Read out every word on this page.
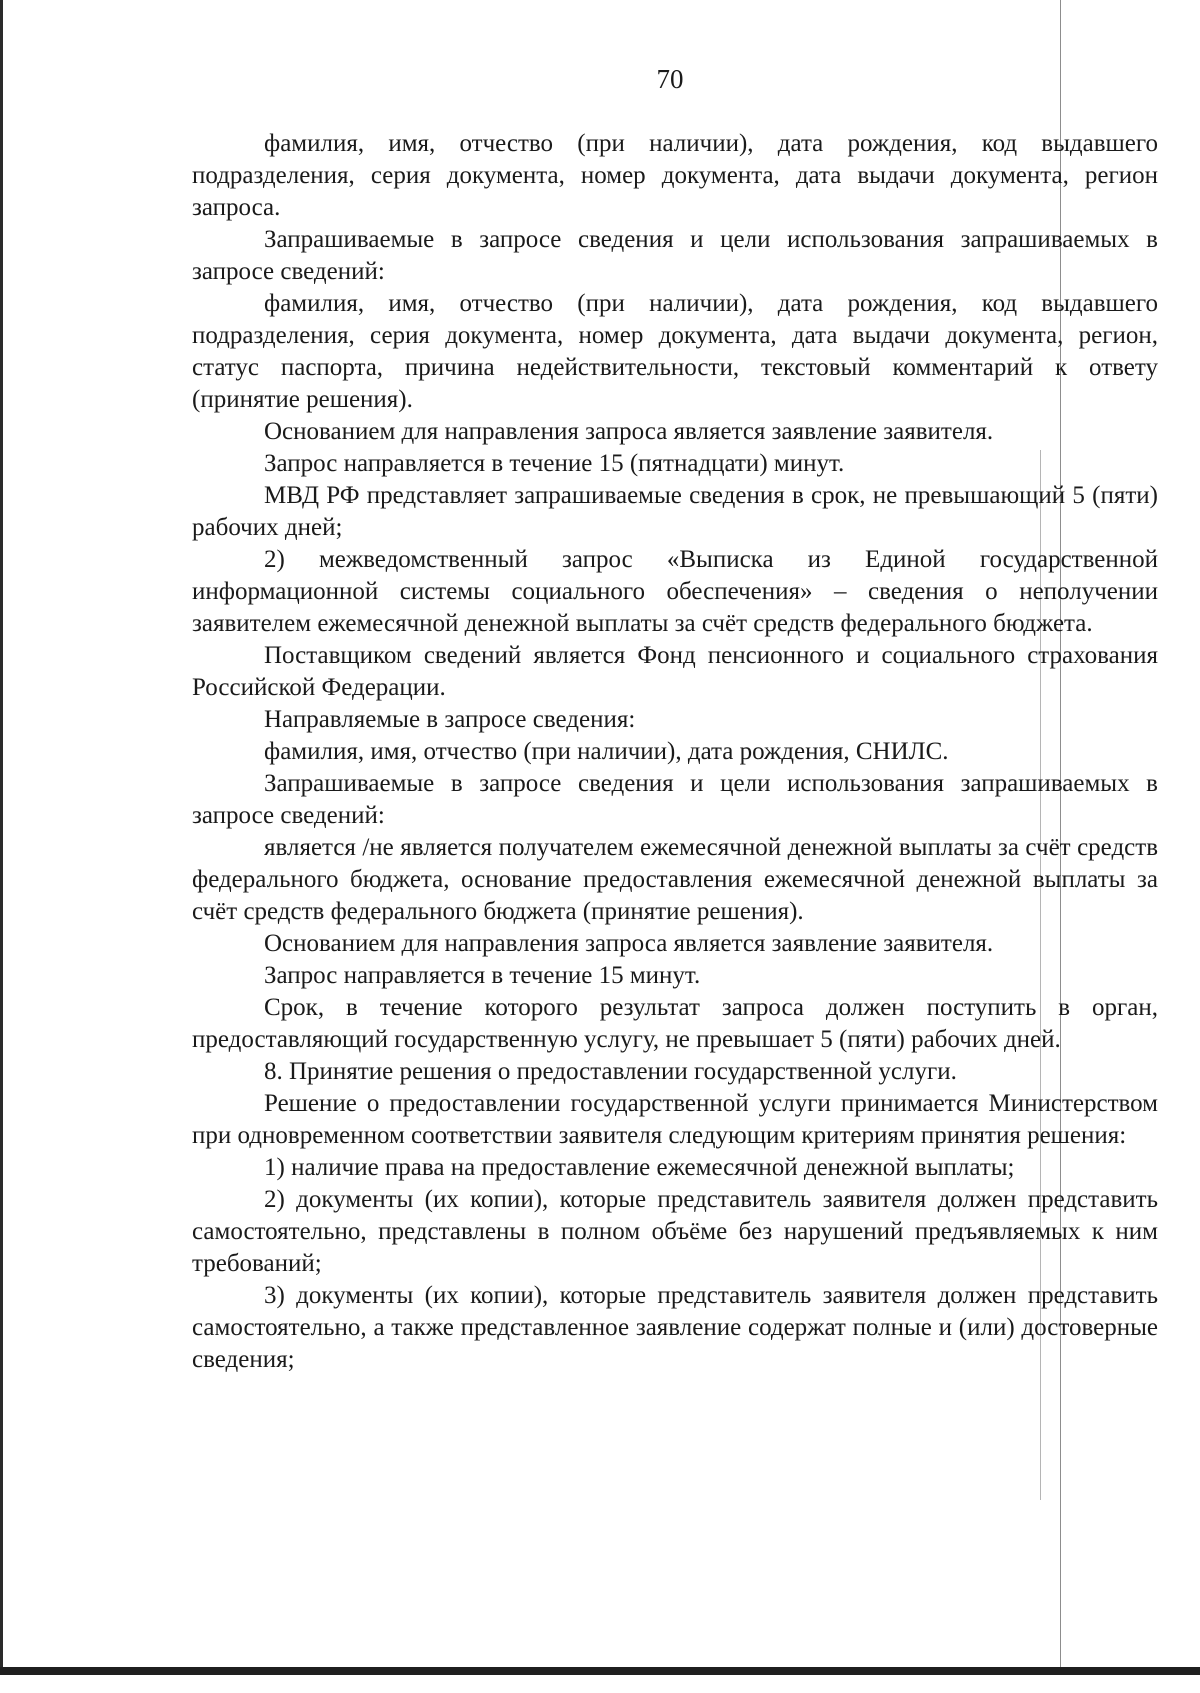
70

фамилия, имя, отчество (при наличии), дата рождения, код выдавшего подразделения, серия документа, номер документа, дата выдачи документа, регион запроса.

Запрашиваемые в запросе сведения и цели использования запрашиваемых в запросе сведений:

фамилия, имя, отчество (при наличии), дата рождения, код выдавшего подразделения, серия документа, номер документа, дата выдачи документа, регион, статус паспорта, причина недействительности, текстовый комментарий к ответу (принятие решения).

Основанием для направления запроса является заявление заявителя.

Запрос направляется в течение 15 (пятнадцати) минут.

МВД РФ представляет запрашиваемые сведения в срок, не превышающий 5 (пяти) рабочих дней;

2) межведомственный запрос «Выписка из Единой государственной информационной системы социального обеспечения» – сведения о неполучении заявителем ежемесячной денежной выплаты за счёт средств федерального бюджета.

Поставщиком сведений является Фонд пенсионного и социального страхования Российской Федерации.

Направляемые в запросе сведения:

фамилия, имя, отчество (при наличии), дата рождения, СНИЛС.

Запрашиваемые в запросе сведения и цели использования запрашиваемых в запросе сведений:

является /не является получателем ежемесячной денежной выплаты за счёт средств федерального бюджета, основание предоставления ежемесячной денежной выплаты за счёт средств федерального бюджета (принятие решения).

Основанием для направления запроса является заявление заявителя.

Запрос направляется в течение 15 минут.

Срок, в течение которого результат запроса должен поступить в орган, предоставляющий государственную услугу, не превышает 5 (пяти) рабочих дней.

8. Принятие решения о предоставлении государственной услуги.

Решение о предоставлении государственной услуги принимается Министерством при одновременном соответствии заявителя следующим критериям принятия решения:

1) наличие права на предоставление ежемесячной денежной выплаты;

2) документы (их копии), которые представитель заявителя должен представить самостоятельно, представлены в полном объёме без нарушений предъявляемых к ним требований;

3) документы (их копии), которые представитель заявителя должен представить самостоятельно, а также представленное заявление содержат полные и (или) достоверные сведения;
